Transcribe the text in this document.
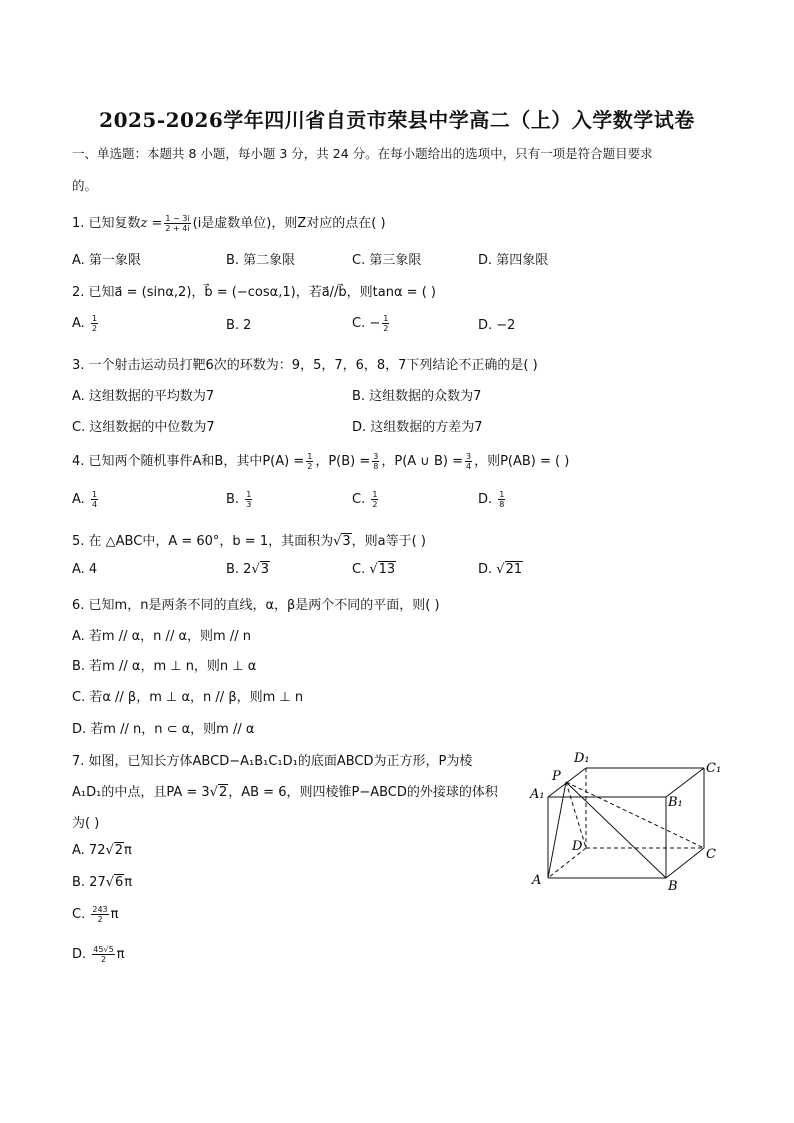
2025-2026学年四川省自贡市荣县中学高二（上）入学数学试卷
一、单选题：本题共 8 小题，每小题 3 分，共 24 分。在每小题给出的选项中，只有一项是符合题目要求
的。
1. 已知复数$z = \frac{1 - 3i}{2 + 4i} (i$是虚数单位)，则Z对应的点在( )
A. 第一象限	B. 第二象限	C. 第三象限	D. 第四象限
2. 已知a⃗ = (sinα,2)，b⃗ = (−cosα,1)，若a⃗//b⃗，则tanα = ( )
A. $\frac{1}{2}$	B. 2	C. − $\frac{1}{2}$	D. −2
3. 一个射击运动员打靶6次的环数为：9，5，7，6，8，7下列结论不正确的是( )
A. 这组数据的平均数为7	B. 这组数据的众数为7
C. 这组数据的中位数为7	D. 这组数据的方差为7
4. 已知两个随机事件A和B，其中$P(A) = \frac{1}{2}$ ，$P(B) = \frac{3}{8}$ ，P(A ∪ $B) = \frac{3}{4}$ ，则P(AB) = ( )
A. $\frac{1}{4}$	B. $\frac{1}{3}$	C. $\frac{1}{2}$	D. $\frac{1}{8}$
5. 在 △ABC中，A = 60°，b = 1，其面积为√3，则a等于( )
A. 4	B. 2√3	C. √13	D. √21
6. 已知m，n是两条不同的直线，α，β是两个不同的平面，则( )
A. 若m // α，n // α，则m // n
B. 若m // α，m ⊥ n，则n ⊥ α
C. 若α // β，m ⊥ α，n // β，则m ⊥ n
D. 若m // n，n ⊂ α，则m // α
7. 如图，已知长方体ABCD−A₁B₁C₁D₁的底面ABCD为正方形，P为棱
A₁D₁的中点，且PA = 3√2，AB = 6，则四棱锥P−ABCD的外接球的体积
为( )
A. 72√2π
B. 27√6π
C. $\frac{243}{2}$ π
D. $\frac{45√5}{2}$ π
D₁
C₁
P
A₁
B₁
D
C
A	B
